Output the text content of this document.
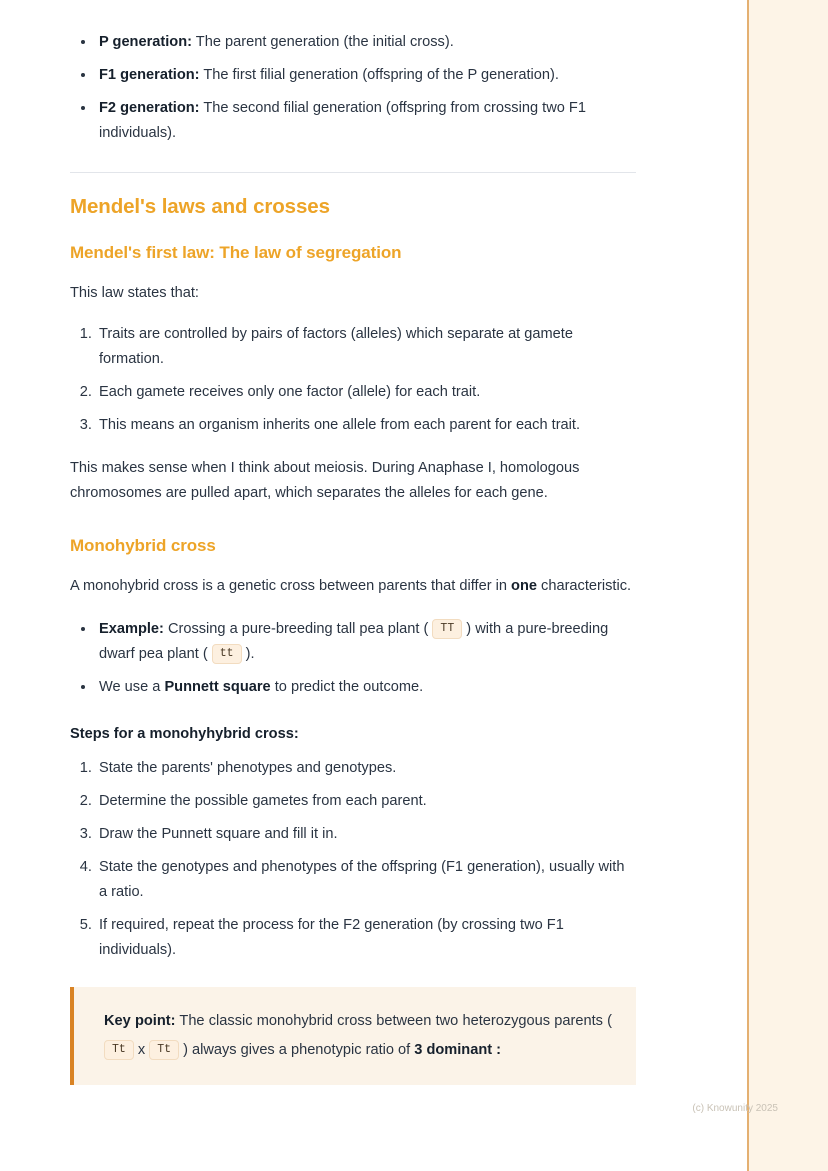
• P generation: The parent generation (the initial cross).
• F1 generation: The first filial generation (offspring of the P generation).
• F2 generation: The second filial generation (offspring from crossing two F1 individuals).
Mendel's laws and crosses
Mendel's first law: The law of segregation

This law states that:

1. Traits are controlled by pairs of factors (alleles) which separate at gamete formation.
2. Each gamete receives only one factor (allele) for each trait.
3. This means an organism inherits one allele from each parent for each trait.

This makes sense when I think about meiosis. During Anaphase I, homologous chromosomes are pulled apart, which separates the alleles for each gene.

Monohybrid cross

A monohybrid cross is a genetic cross between parents that differ in one characteristic.

• Example: Crossing a pure-breeding tall pea plant ( TT ) with a pure-breeding dwarf pea plant ( tt ).
• We use a Punnett square to predict the outcome.

Steps for a monohyhybrid cross:

1. State the parents' phenotypes and genotypes.
2. Determine the possible gametes from each parent.
3. Draw the Punnett square and fill it in.
4. State the genotypes and phenotypes of the offspring (F1 generation), usually with a ratio.
5. If required, repeat the process for the F2 generation (by crossing two F1 individuals).

Key point: The classic monohybrid cross between two heterozygous parents ( Tt x Tt ) always gives a phenotypic ratio of 3 dominant :

(c) Knowunity 2025
